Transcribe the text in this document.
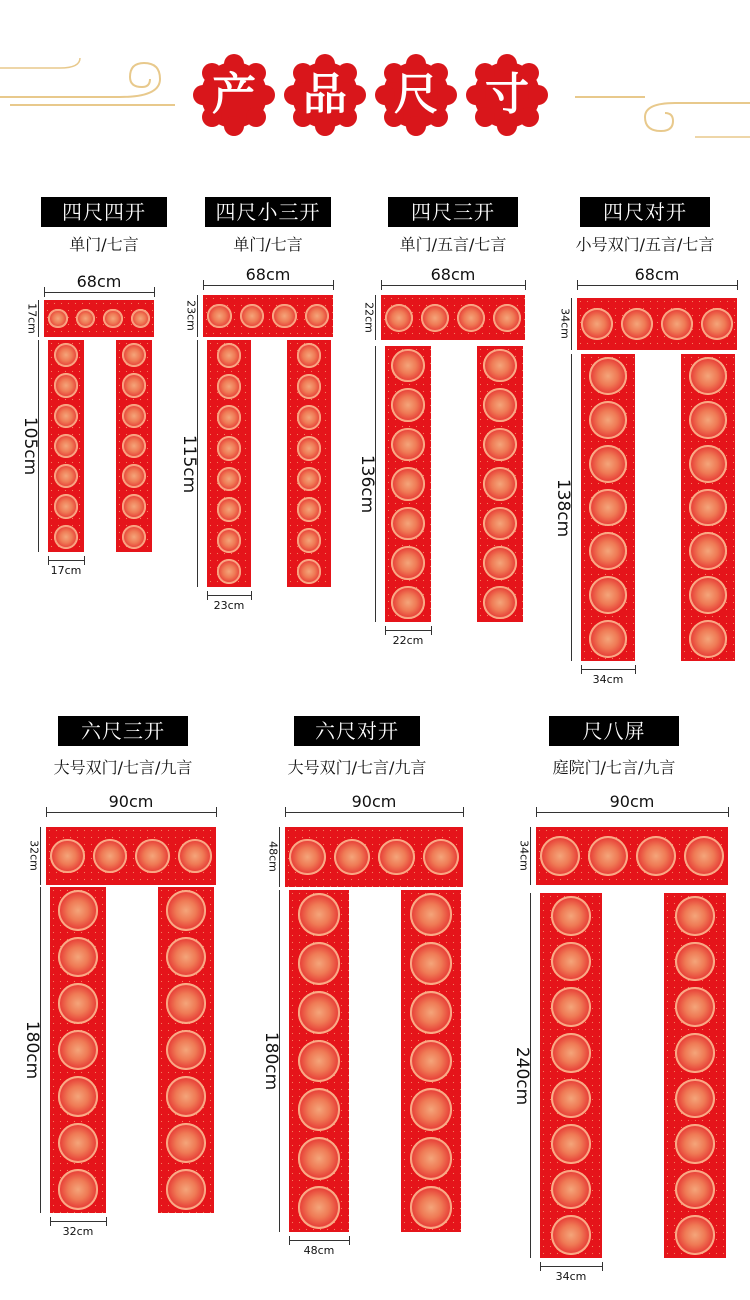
产	品	尺	寸
四尺四开
单门/七言
68cm
17cm
105cm
17cm
四尺小三开
单门/七言
68cm
23cm
115cm
23cm
四尺三开
单门/五言/七言
68cm
22cm
136cm
22cm
四尺对开
小号双门/五言/七言
68cm
34cm
138cm
34cm
六尺三开
大号双门/七言/九言
90cm
32cm
180cm
32cm
六尺对开
大号双门/七言/九言
90cm
48cm
180cm
48cm
尺八屏
庭院门/七言/九言
90cm
34cm
240cm
34cm
